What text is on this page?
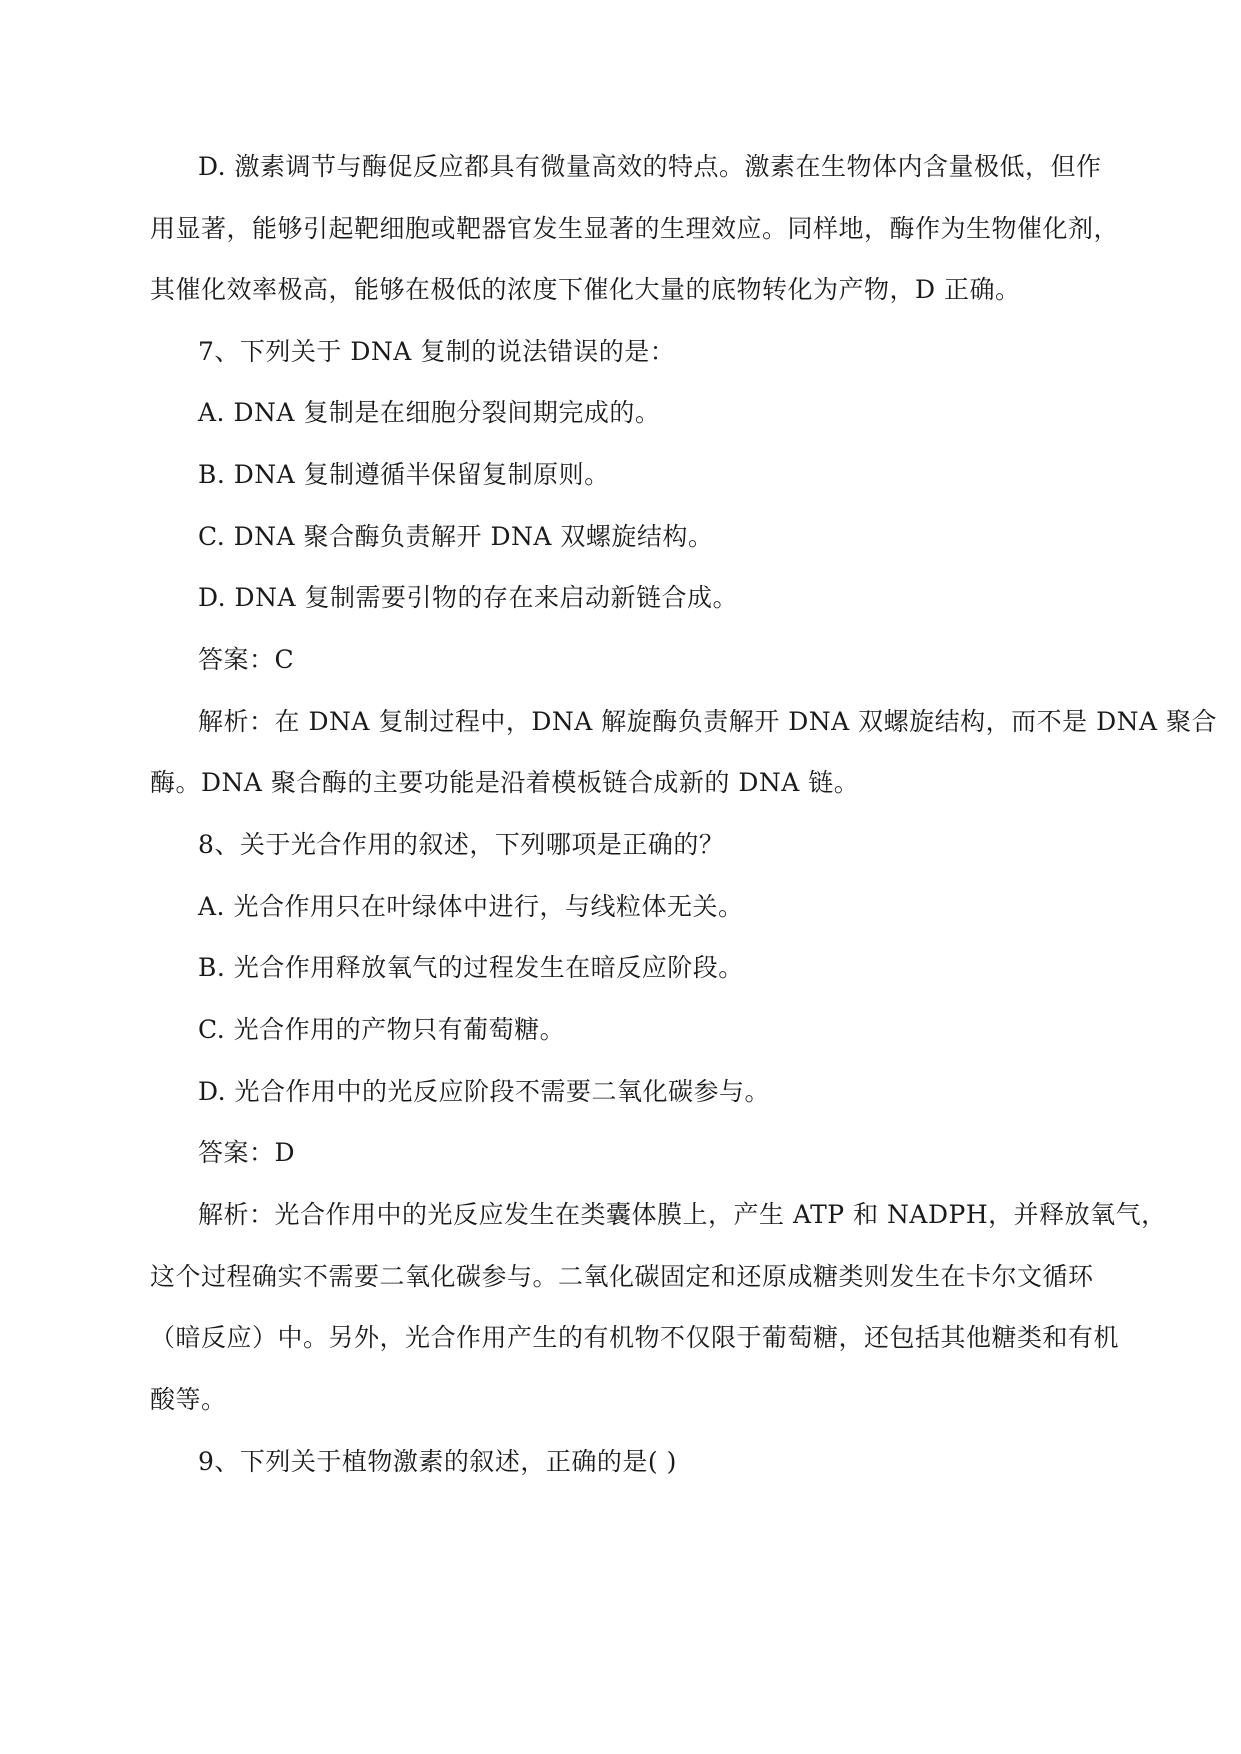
D. 激素调节与酶促反应都具有微量高效的特点。激素在生物体内含量极低，但作
用显著，能够引起靶细胞或靶器官发生显著的生理效应。同样地，酶作为生物催化剂，
其催化效率极高，能够在极低的浓度下催化大量的底物转化为产物，D 正确。
7、下列关于 DNA 复制的说法错误的是：
A. DNA 复制是在细胞分裂间期完成的。
B. DNA 复制遵循半保留复制原则。
C. DNA 聚合酶负责解开 DNA 双螺旋结构。
D. DNA 复制需要引物的存在来启动新链合成。
答案：C
解析：在 DNA 复制过程中，DNA 解旋酶负责解开 DNA 双螺旋结构，而不是 DNA 聚合
酶。DNA 聚合酶的主要功能是沿着模板链合成新的 DNA 链。
8、关于光合作用的叙述，下列哪项是正确的？
A. 光合作用只在叶绿体中进行，与线粒体无关。
B. 光合作用释放氧气的过程发生在暗反应阶段。
C. 光合作用的产物只有葡萄糖。
D. 光合作用中的光反应阶段不需要二氧化碳参与。
答案：D
解析：光合作用中的光反应发生在类囊体膜上，产生 ATP 和 NADPH，并释放氧气，
这个过程确实不需要二氧化碳参与。二氧化碳固定和还原成糖类则发生在卡尔文循环
（暗反应）中。另外，光合作用产生的有机物不仅限于葡萄糖，还包括其他糖类和有机
酸等。
9、下列关于植物激素的叙述，正确的是( )
